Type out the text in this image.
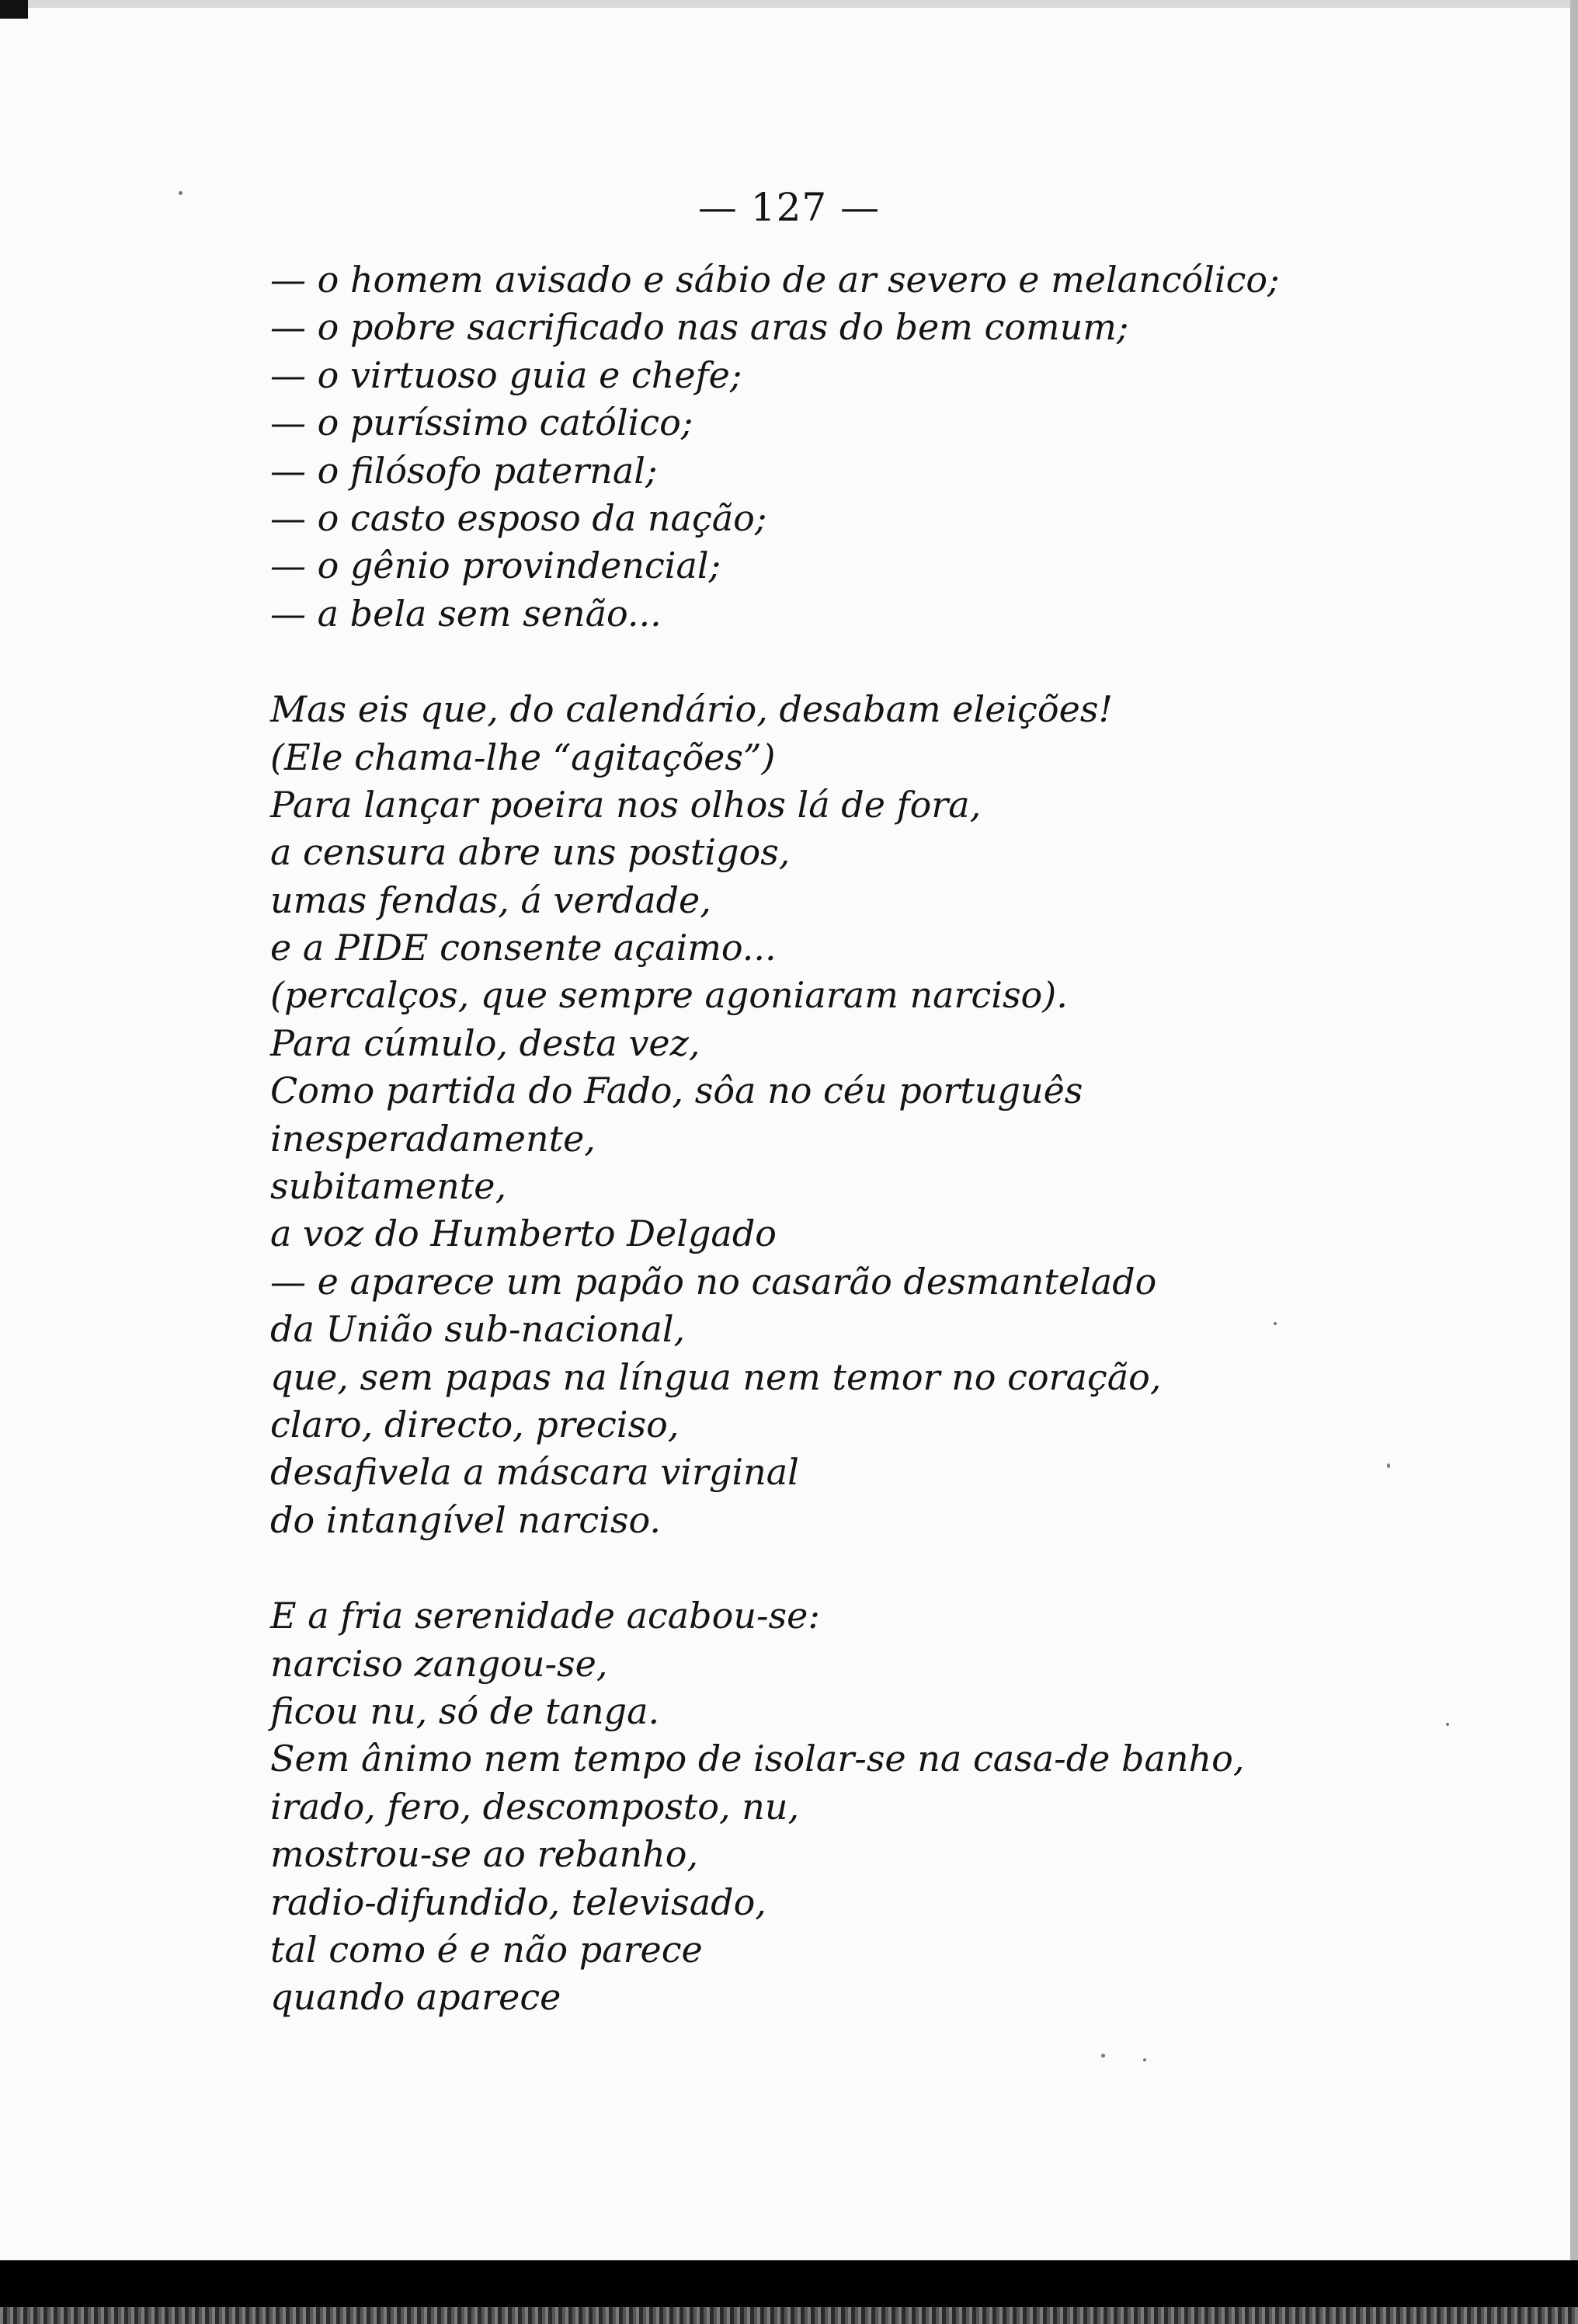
— 127 —
— o homem avisado e sábio de ar severo e melancólico;
— o pobre sacrificado nas aras do bem comum;
— o virtuoso guia e chefe;
— o puríssimo católico;
— o filósofo paternal;
— o casto esposo da nação;
— o gênio provindencial;
— a bela sem senão...
Mas eis que, do calendário, desabam eleições!
(Ele chama-lhe “agitações”)
Para lançar poeira nos olhos lá de fora,
a censura abre uns postigos,
umas fendas, á verdade,
e a PIDE consente açaimo...
(percalços, que sempre agoniaram narciso).
Para cúmulo, desta vez,
Como partida do Fado, sôa no céu português
inesperadamente,
subitamente,
a voz do Humberto Delgado
— e aparece um papão no casarão desmantelado
da União sub-nacional,
que, sem papas na língua nem temor no coração,
claro, directo, preciso,
desafivela a máscara virginal
do intangível narciso.
E a fria serenidade acabou-se:
narciso zangou-se,
ficou nu, só de tanga.
Sem ânimo nem tempo de isolar-se na casa-de banho,
irado, fero, descomposto, nu,
mostrou-se ao rebanho,
radio-difundido, televisado,
tal como é e não parece
quando aparece
